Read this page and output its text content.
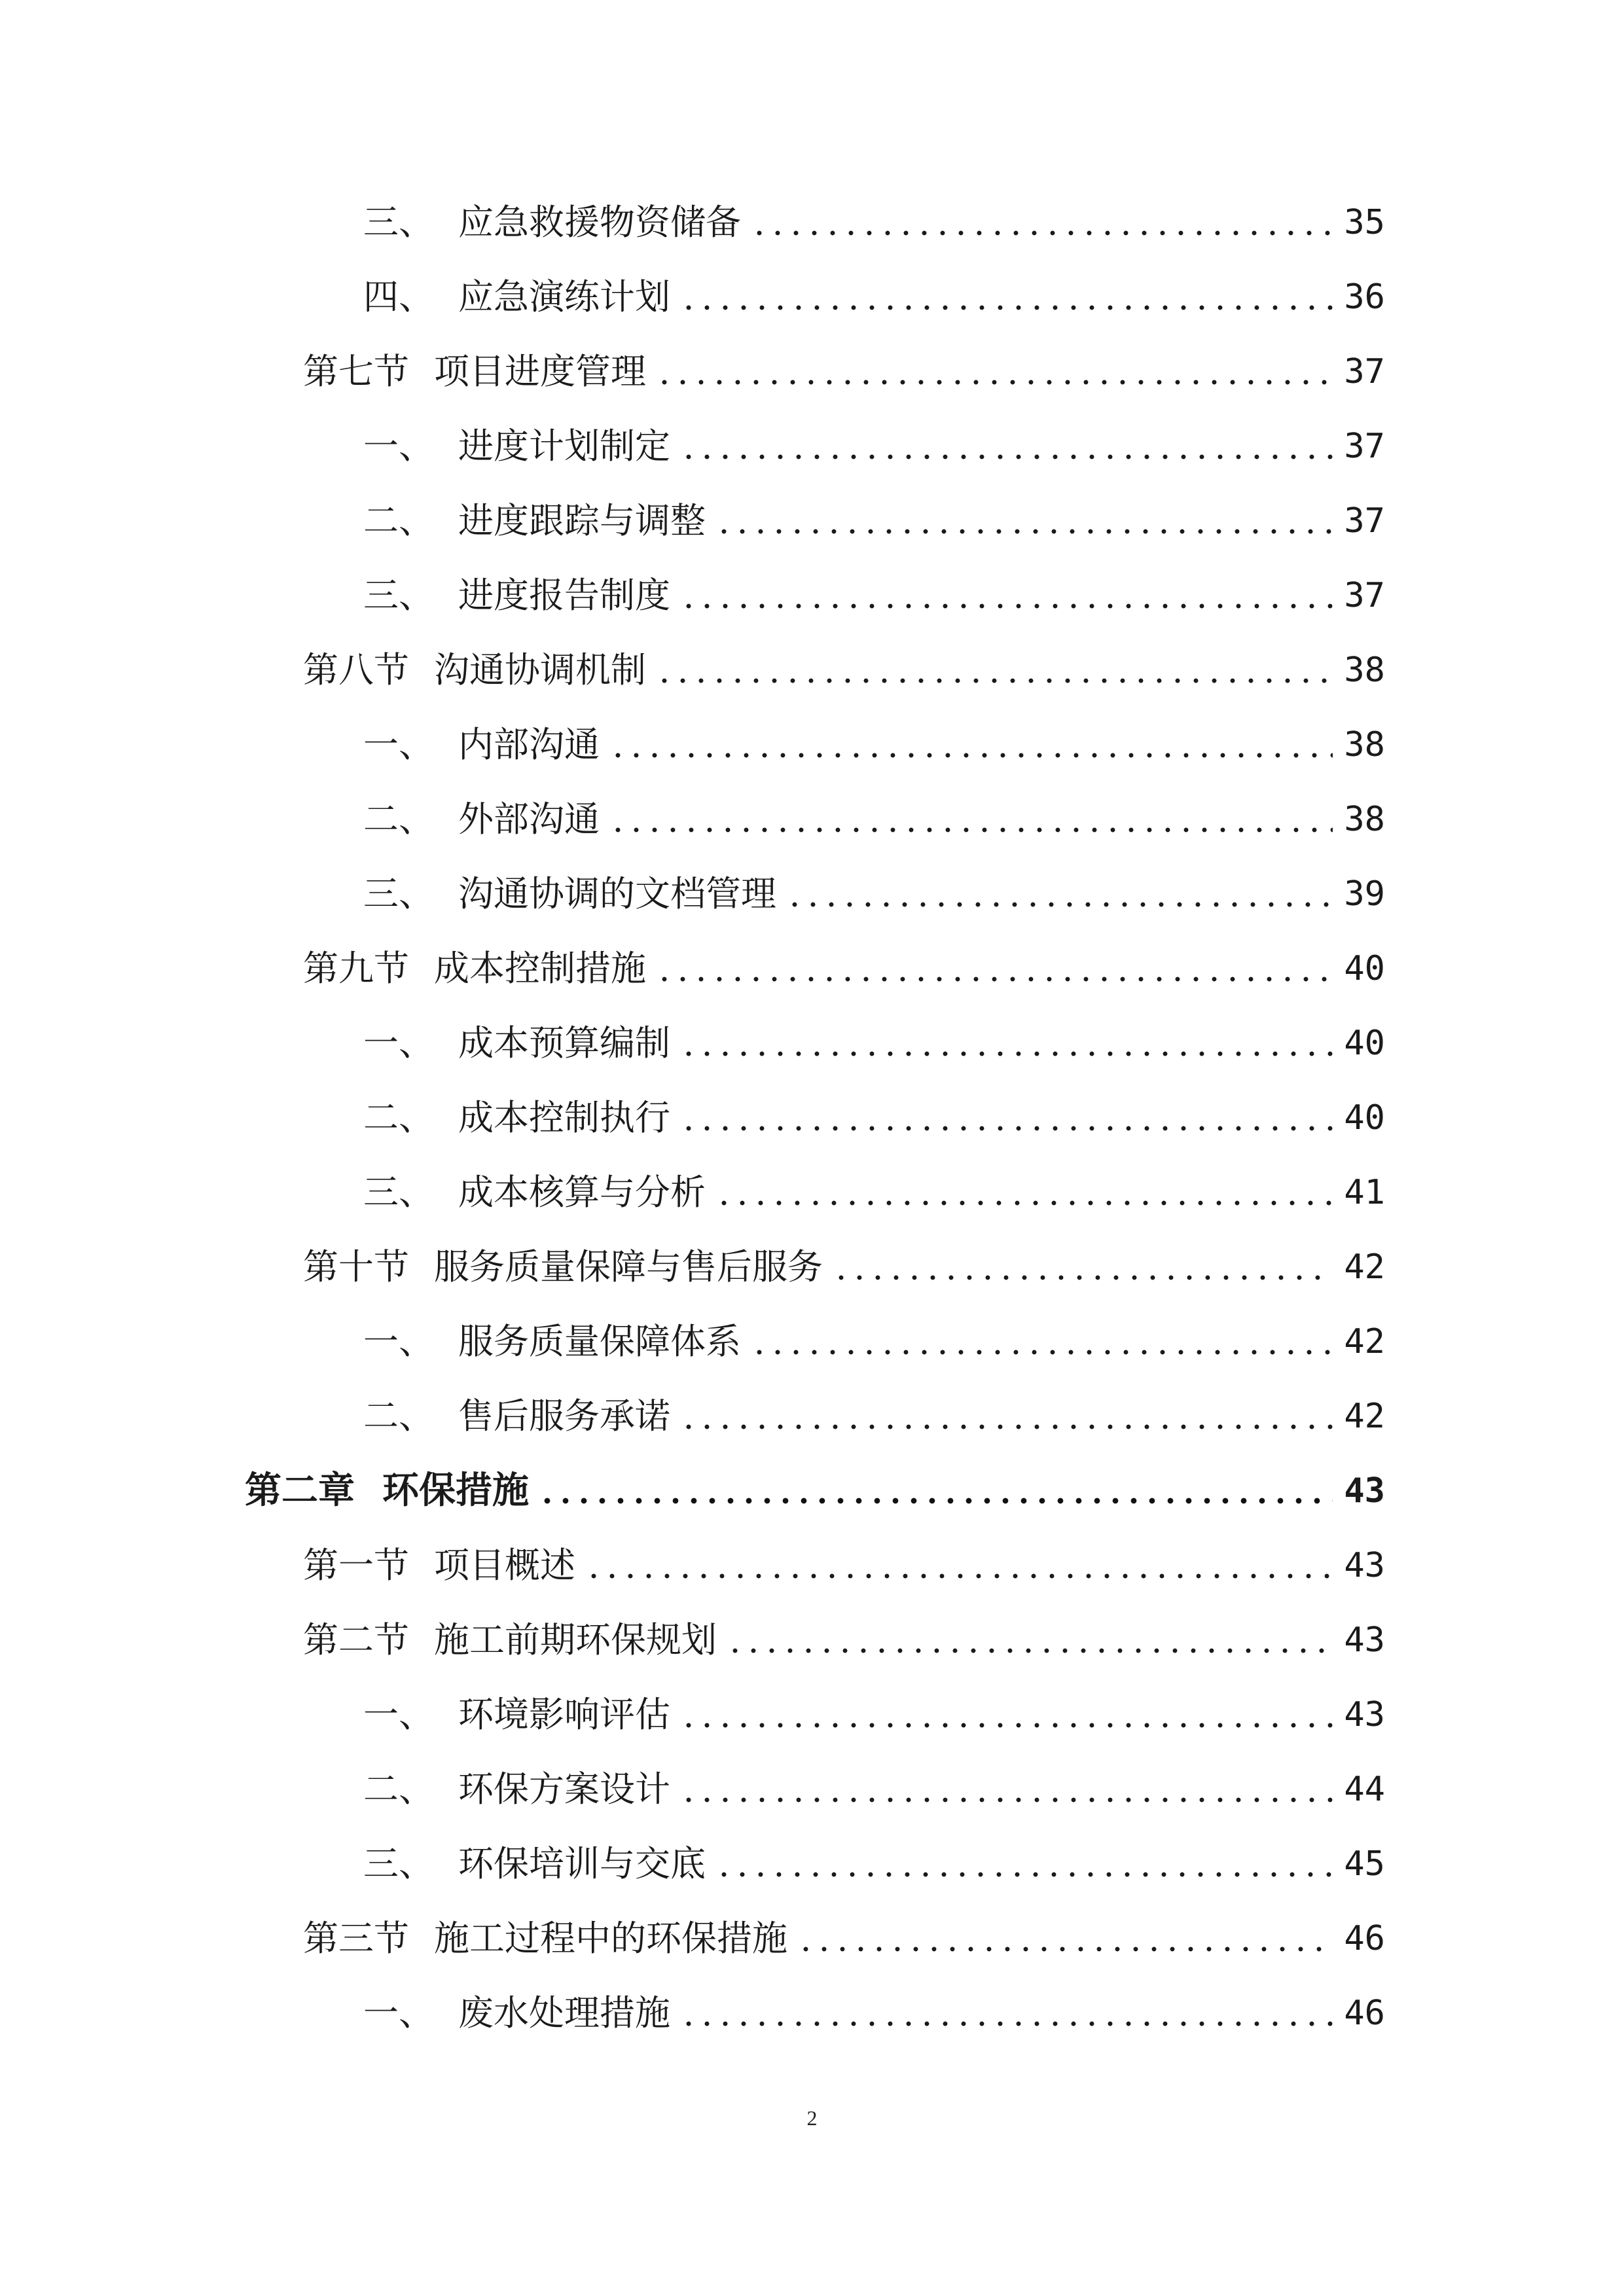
三、 应急救援物资储备	35
四、 应急演练计划	36
第七节 项目进度管理	37
一、 进度计划制定	37
二、 进度跟踪与调整	37
三、 进度报告制度	37
第八节 沟通协调机制	38
一、 内部沟通	38
二、 外部沟通	38
三、 沟通协调的文档管理	39
第九节 成本控制措施	40
一、 成本预算编制	40
二、 成本控制执行	40
三、 成本核算与分析	41
第十节 服务质量保障与售后服务	42
一、 服务质量保障体系	42
二、 售后服务承诺	42
第二章 环保措施	43
第一节 项目概述	43
第二节 施工前期环保规划	43
一、 环境影响评估	43
二、 环保方案设计	44
三、 环保培训与交底	45
第三节 施工过程中的环保措施	46
一、 废水处理措施	46
2
